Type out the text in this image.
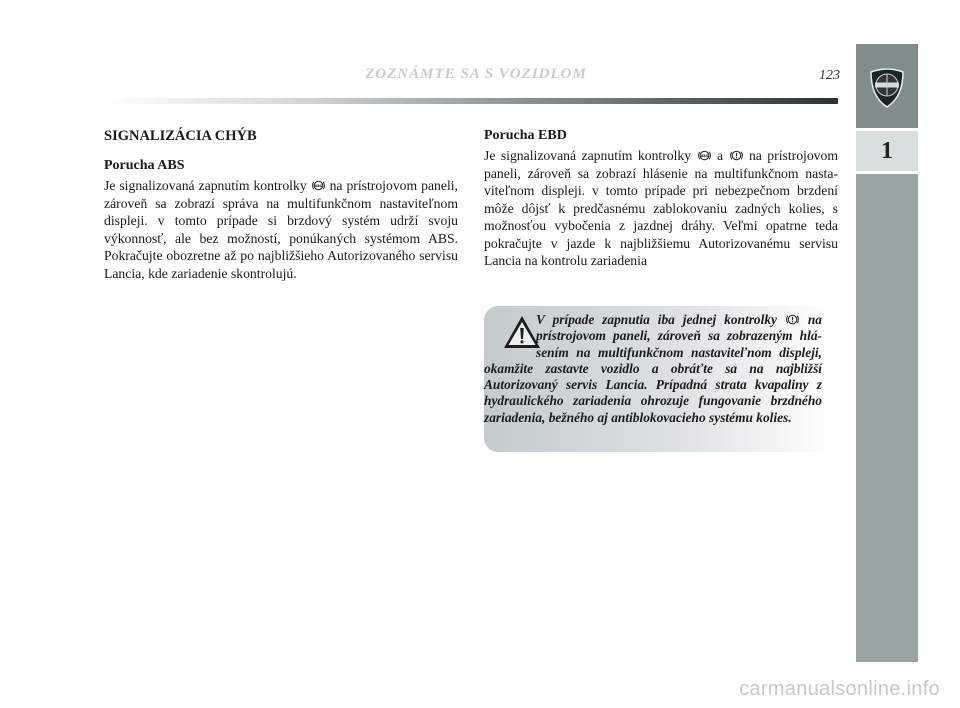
ZOZNÁMTE SA S VOZIDLOM	123
1

SIGNALIZÁCIA CHÝB

Porucha ABS

Je signalizovaná zapnutím kontrolky ABS na prístrojovom paneli, zároveň sa zobrazí správa na multifunkčnom nastaviteľnom displeji. v tomto prípade si brzdový systém udrží svoju výkonnosť, ale bez možností, ponúkaných systémom ABS. Pokračujte obozretne až po najbližšieho Autorizovaného servisu Lancia, kde zariadenie skontrolujú.

Porucha EBD

Je signalizovaná zapnutím kontrolky	ABS a na prístrojovom paneli, zároveň sa zobrazí hlásenie na multifunkčnom nastaviteľnom displeji. v tomto prípade pri nebezpečnom brzdení môže dôjsť k predčasnému zablokovaniu zadných kolies, s možnosťou vybočenia z jazdnej dráhy. Veľmi opatrne teda pokračujte v jazde k najbližšiemu Autorizovanému servisu Lancia na kontrolu zariadenia

V prípade zapnutia iba jednej kontrolky na prístrojovom paneli, zároveň sa zobrazeným hlásením na multifunkčnom nastaviteľnom displeji, okamžite zastavte vozidlo a obráťte sa na najbližší Autorizovaný servis Lancia. Prípadná strata kvapaliny z hydraulického zariadenia ohrozuje fungovanie brzdného zariadenia, bežného aj antiblokovacieho systému kolies.
carmanualsonline.info
